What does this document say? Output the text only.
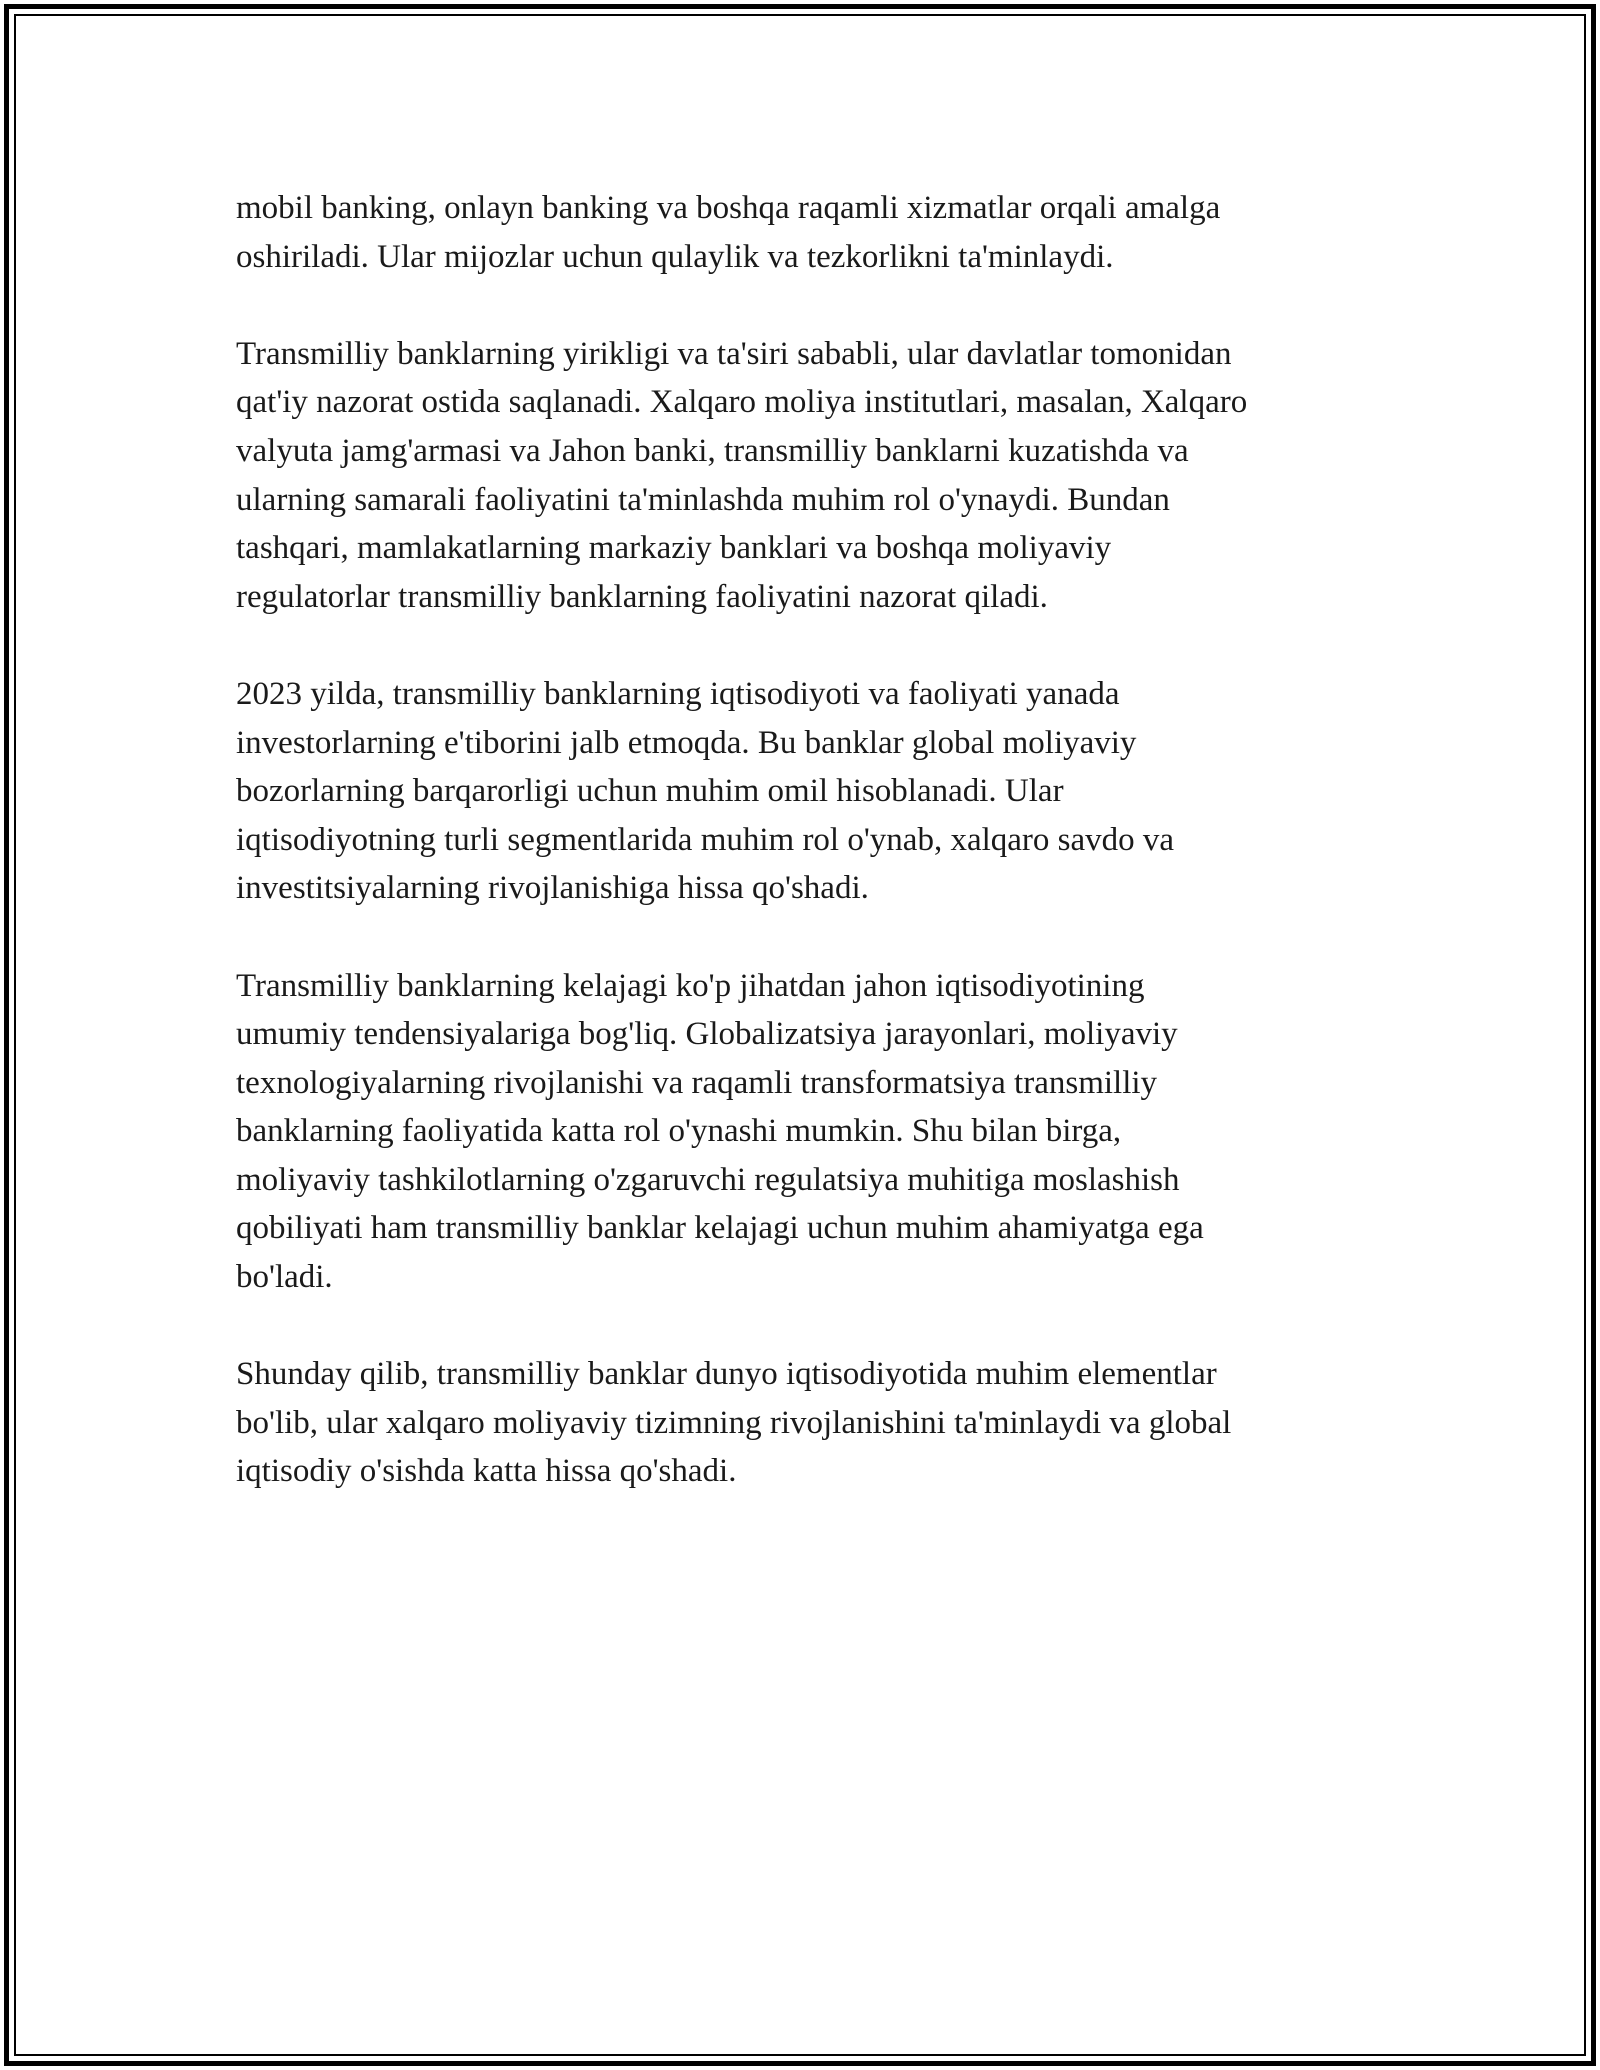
mobil banking, onlayn banking va boshqa raqamli xizmatlar orqali amalga
oshiriladi. Ular mijozlar uchun qulaylik va tezkorlikni ta'minlaydi.

Transmilliy banklarning yirikligi va ta'siri sababli, ular davlatlar tomonidan
qat'iy nazorat ostida saqlanadi. Xalqaro moliya institutlari, masalan, Xalqaro
valyuta jamg'armasi va Jahon banki, transmilliy banklarni kuzatishda va
ularning samarali faoliyatini ta'minlashda muhim rol o'ynaydi. Bundan
tashqari, mamlakatlarning markaziy banklari va boshqa moliyaviy
regulatorlar transmilliy banklarning faoliyatini nazorat qiladi.

2023 yilda, transmilliy banklarning iqtisodiyoti va faoliyati yanada
investorlarning e'tiborini jalb etmoqda. Bu banklar global moliyaviy
bozorlarning barqarorligi uchun muhim omil hisoblanadi. Ular
iqtisodiyotning turli segmentlarida muhim rol o'ynab, xalqaro savdo va
investitsiyalarning rivojlanishiga hissa qo'shadi.

Transmilliy banklarning kelajagi ko'p jihatdan jahon iqtisodiyotining
umumiy tendensiyalariga bog'liq. Globalizatsiya jarayonlari, moliyaviy
texnologiyalarning rivojlanishi va raqamli transformatsiya transmilliy
banklarning faoliyatida katta rol o'ynashi mumkin. Shu bilan birga,
moliyaviy tashkilotlarning o'zgaruvchi regulatsiya muhitiga moslashish
qobiliyati ham transmilliy banklar kelajagi uchun muhim ahamiyatga ega
bo'ladi.

Shunday qilib, transmilliy banklar dunyo iqtisodiyotida muhim elementlar
bo'lib, ular xalqaro moliyaviy tizimning rivojlanishini ta'minlaydi va global
iqtisodiy o'sishda katta hissa qo'shadi.
